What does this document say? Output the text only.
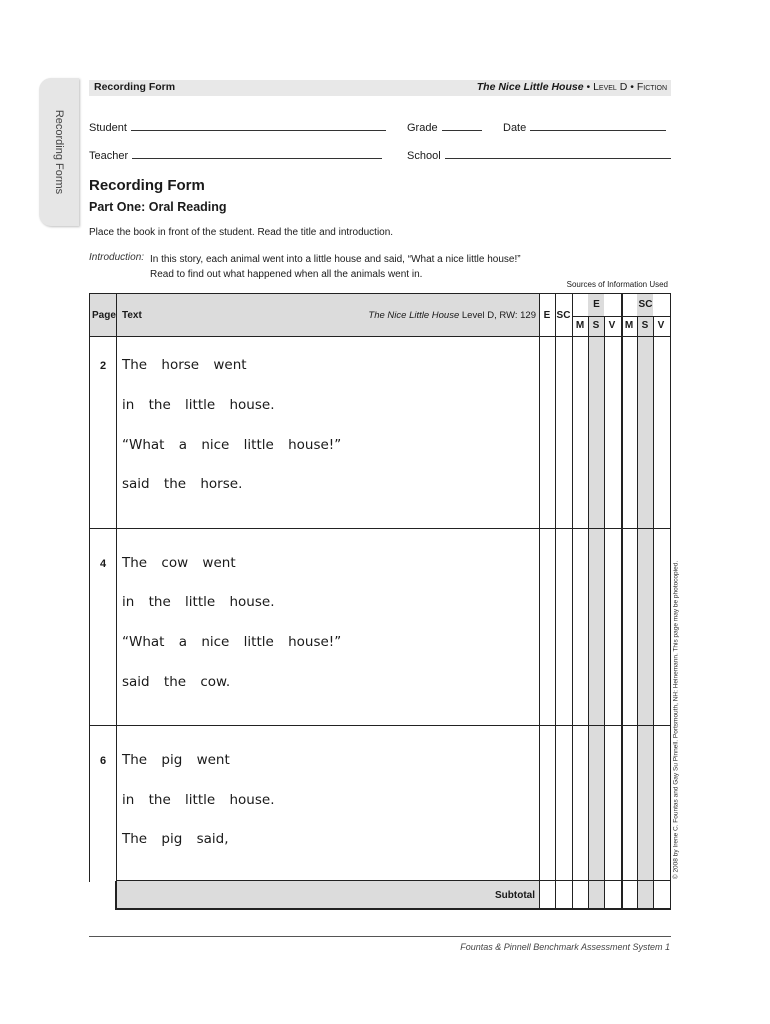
Recording Forms
Recording Form	The Nice Little House • Level D • Fiction
Student	Grade	Date
Teacher	School
Recording Form
Part One: Oral Reading
Place the book in front of the student. Read the title and introduction.
Introduction: In this story, each animal went into a little house and said, “What a nice little house!”
Read to find out what happened when all the animals went in.
Sources of Information Used
Page Text	The Nice Little House Level D, RW: 129 E SC
E	SC
M S V M S V
2	The horse went
in the little house.
“What a nice little house!”
said the horse.
4	The cow went
in the little house.
“What a nice little house!”
said the cow.
6	The pig went
in the little house.
The pig said,
Subtotal
© 2008 by Irene C. Fountas and Gay Su Pinnell. Portsmouth, NH: Heinemann. This page may be photocopied.
Fountas & Pinnell Benchmark Assessment System 1
